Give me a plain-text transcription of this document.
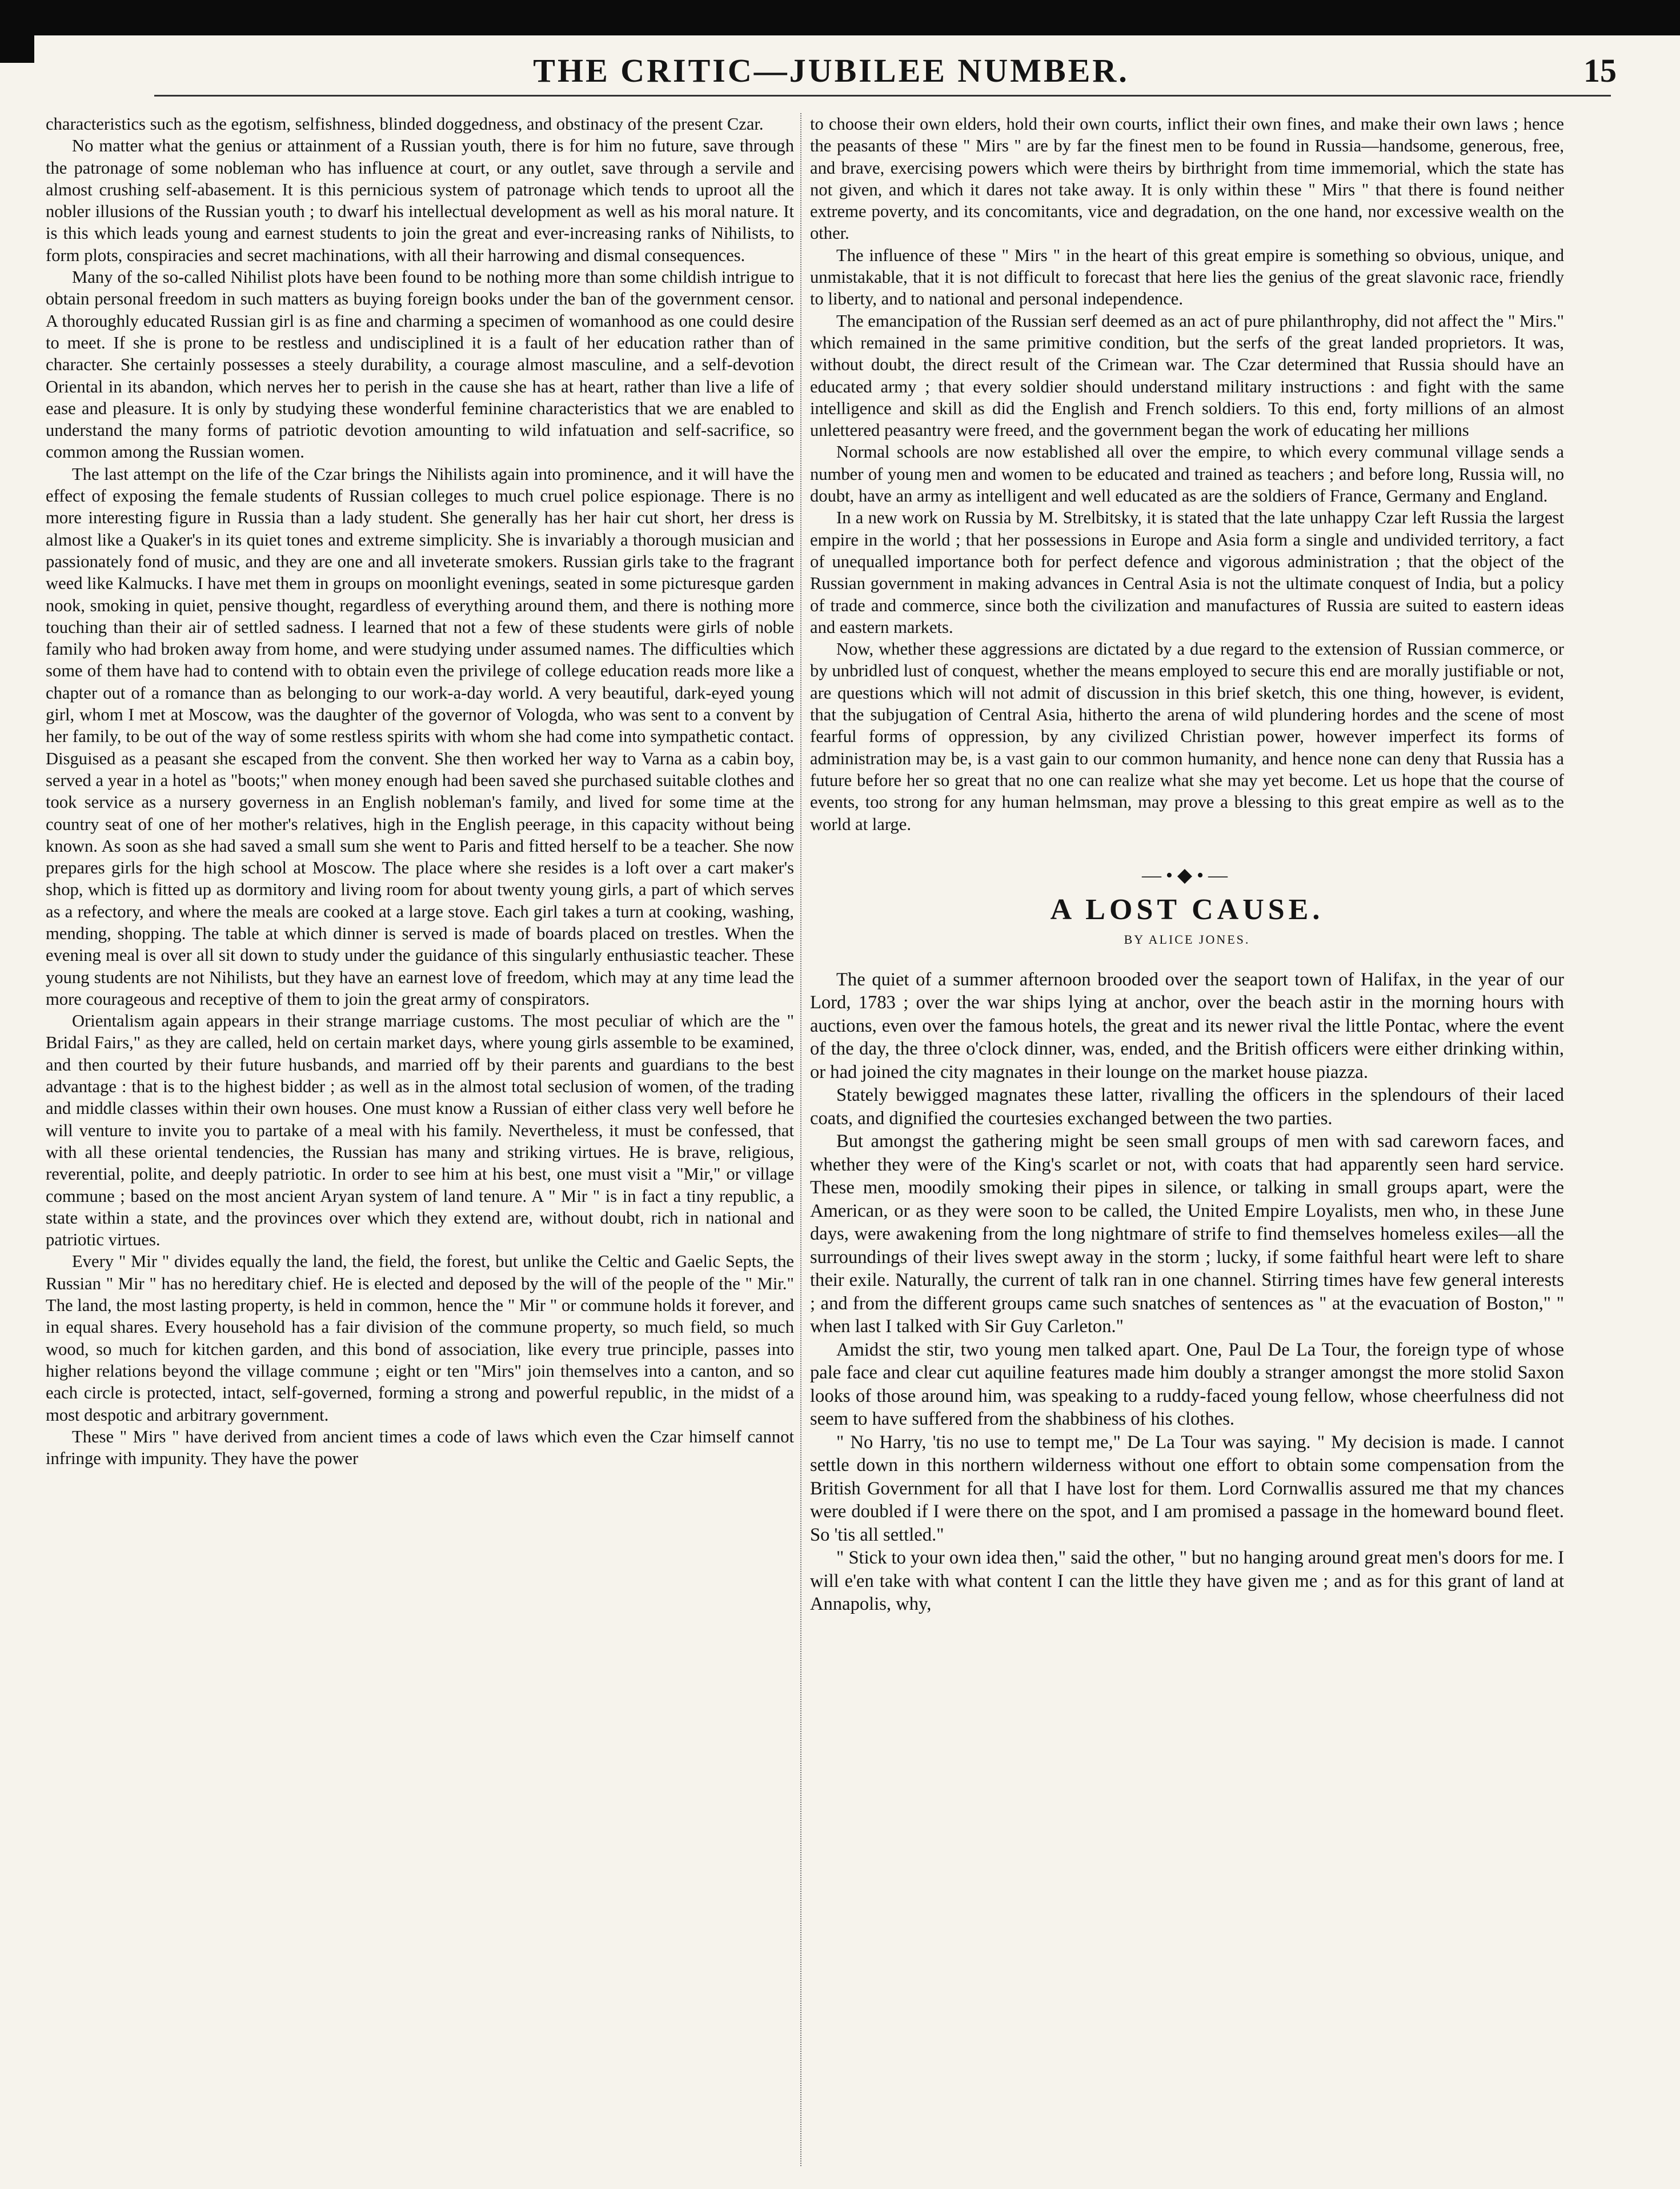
THE CRITIC—JUBILEE NUMBER.	15

characteristics such as the egotism, selfishness, blinded doggedness, and obstinacy of the present Czar.

No matter what the genius or attainment of a Russian youth, there is for him no future, save through the patronage of some nobleman who has influence at court, or any outlet, save through a servile and almost crushing self-abasement. It is this pernicious system of patronage which tends to uproot all the nobler illusions of the Russian youth ; to dwarf his intellectual development as well as his moral nature. It is this which leads young and earnest students to join the great and ever-increasing ranks of Nihilists, to form plots, conspiracies and secret machinations, with all their harrowing and dismal consequences.

Many of the so-called Nihilist plots have been found to be nothing more than some childish intrigue to obtain personal freedom in such matters as buying foreign books under the ban of the government censor. A thoroughly educated Russian girl is as fine and charming a specimen of womanhood as one could desire to meet. If she is prone to be restless and undisciplined it is a fault of her education rather than of character. She certainly possesses a steely durability, a courage almost masculine, and a self-devotion Oriental in its abandon, which nerves her to perish in the cause she has at heart, rather than live a life of ease and pleasure. It is only by studying these wonderful feminine characteristics that we are enabled to understand the many forms of patriotic devotion amounting to wild infatuation and self-sacrifice, so common among the Russian women.

The last attempt on the life of the Czar brings the Nihilists again into prominence, and it will have the effect of exposing the female students of Russian colleges to much cruel police espionage. There is no more interesting figure in Russia than a lady student. She generally has her hair cut short, her dress is almost like a Quaker's in its quiet tones and extreme simplicity. She is invariably a thorough musician and passionately fond of music, and they are one and all inveterate smokers. Russian girls take to the fragrant weed like Kalmucks. I have met them in groups on moonlight evenings, seated in some picturesque garden nook, smoking in quiet, pensive thought, regardless of everything around them, and there is nothing more touching than their air of settled sadness. I learned that not a few of these students were girls of noble family who had broken away from home, and were studying under assumed names. The difficulties which some of them have had to contend with to obtain even the privilege of college education reads more like a chapter out of a romance than as belonging to our work-a-day world. A very beautiful, dark-eyed young girl, whom I met at Moscow, was the daughter of the governor of Vologda, who was sent to a convent by her family, to be out of the way of some restless spirits with whom she had come into sympathetic contact. Disguised as a peasant she escaped from the convent. She then worked her way to Varna as a cabin boy, served a year in a hotel as "boots;" when money enough had been saved she purchased suitable clothes and took service as a nursery governess in an English nobleman's family, and lived for some time at the country seat of one of her mother's relatives, high in the English peerage, in this capacity without being known. As soon as she had saved a small sum she went to Paris and fitted herself to be a teacher. She now prepares girls for the high school at Moscow. The place where she resides is a loft over a cart maker's shop, which is fitted up as dormitory and living room for about twenty young girls, a part of which serves as a refectory, and where the meals are cooked at a large stove. Each girl takes a turn at cooking, washing, mending, shopping. The table at which dinner is served is made of boards placed on trestles. When the evening meal is over all sit down to study under the guidance of this singularly enthusiastic teacher. These young students are not Nihilists, but they have an earnest love of freedom, which may at any time lead the more courageous and receptive of them to join the great army of conspirators.

Orientalism again appears in their strange marriage customs. The most peculiar of which are the " Bridal Fairs," as they are called, held on certain market days, where young girls assemble to be examined, and then courted by their future husbands, and married off by their parents and guardians to the best advantage : that is to the highest bidder ; as well as in the almost total seclusion of women, of the trading and middle classes within their own houses. One must know a Russian of either class very well before he will venture to invite you to partake of a meal with his family. Nevertheless, it must be confessed, that with all these oriental tendencies, the Russian has many and striking virtues. He is brave, religious, reverential, polite, and deeply patriotic. In order to see him at his best, one must visit a "Mir," or village commune ; based on the most ancient Aryan system of land tenure. A " Mir " is in fact a tiny republic, a state within a state, and the provinces over which they extend are, without doubt, rich in national and patriotic virtues.

Every " Mir " divides equally the land, the field, the forest, but unlike the Celtic and Gaelic Septs, the Russian " Mir " has no hereditary chief. He is elected and deposed by the will of the people of the " Mir." The land, the most lasting property, is held in common, hence the " Mir " or commune holds it forever, and in equal shares. Every household has a fair division of the commune property, so much field, so much wood, so much for kitchen garden, and this bond of association, like every true principle, passes into higher relations beyond the village commune ; eight or ten "Mirs" join themselves into a canton, and so each circle is protected, intact, self-governed, forming a strong and powerful republic, in the midst of a most despotic and arbitrary government.

These " Mirs " have derived from ancient times a code of laws which even the Czar himself cannot infringe with impunity. They have the power

to choose their own elders, hold their own courts, inflict their own fines, and make their own laws ; hence the peasants of these " Mirs " are by far the finest men to be found in Russia—handsome, generous, free, and brave, exercising powers which were theirs by birthright from time immemorial, which the state has not given, and which it dares not take away. It is only within these " Mirs " that there is found neither extreme poverty, and its concomitants, vice and degradation, on the one hand, nor excessive wealth on the other.

The influence of these " Mirs " in the heart of this great empire is something so obvious, unique, and unmistakable, that it is not difficult to forecast that here lies the genius of the great slavonic race, friendly to liberty, and to national and personal independence.

The emancipation of the Russian serf deemed as an act of pure philanthrophy, did not affect the " Mirs." which remained in the same primitive condition, but the serfs of the great landed proprietors. It was, without doubt, the direct result of the Crimean war. The Czar determined that Russia should have an educated army ; that every soldier should understand military instructions : and fight with the same intelligence and skill as did the English and French soldiers. To this end, forty millions of an almost unlettered peasantry were freed, and the government began the work of educating her millions

Normal schools are now established all over the empire, to which every communal village sends a number of young men and women to be educated and trained as teachers ; and before long, Russia will, no doubt, have an army as intelligent and well educated as are the soldiers of France, Germany and England.

In a new work on Russia by M. Strelbitsky, it is stated that the late unhappy Czar left Russia the largest empire in the world ; that her possessions in Europe and Asia form a single and undivided territory, a fact of unequalled importance both for perfect defence and vigorous administration ; that the object of the Russian government in making advances in Central Asia is not the ultimate conquest of India, but a policy of trade and commerce, since both the civilization and manufactures of Russia are suited to eastern ideas and eastern markets.

Now, whether these aggressions are dictated by a due regard to the extension of Russian commerce, or by unbridled lust of conquest, whether the means employed to secure this end are morally justifiable or not, are questions which will not admit of discussion in this brief sketch, this one thing, however, is evident, that the subjugation of Central Asia, hitherto the arena of wild plundering hordes and the scene of most fearful forms of oppression, by any civilized Christian power, however imperfect its forms of administration may be, is a vast gain to our common humanity, and hence none can deny that Russia has a future before her so great that no one can realize what she may yet become. Let us hope that the course of events, too strong for any human helmsman, may prove a blessing to this great empire as well as to the world at large.

—•◆•—
A LOST CAUSE.
BY ALICE JONES.

The quiet of a summer afternoon brooded over the seaport town of Halifax, in the year of our Lord, 1783 ; over the war ships lying at anchor, over the beach astir in the morning hours with auctions, even over the famous hotels, the great and its newer rival the little Pontac, where the event of the day, the three o'clock dinner, was, ended, and the British officers were either drinking within, or had joined the city magnates in their lounge on the market house piazza.

Stately bewigged magnates these latter, rivalling the officers in the splendours of their laced coats, and dignified the courtesies exchanged between the two parties.

But amongst the gathering might be seen small groups of men with sad careworn faces, and whether they were of the King's scarlet or not, with coats that had apparently seen hard service. These men, moodily smoking their pipes in silence, or talking in small groups apart, were the American, or as they were soon to be called, the United Empire Loyalists, men who, in these June days, were awakening from the long nightmare of strife to find themselves homeless exiles—all the surroundings of their lives swept away in the storm ; lucky, if some faithful heart were left to share their exile. Naturally, the current of talk ran in one channel. Stirring times have few general interests ; and from the different groups came such snatches of sentences as " at the evacuation of Boston," " when last I talked with Sir Guy Carleton."

Amidst the stir, two young men talked apart. One, Paul De La Tour, the foreign type of whose pale face and clear cut aquiline features made him doubly a stranger amongst the more stolid Saxon looks of those around him, was speaking to a ruddy-faced young fellow, whose cheerfulness did not seem to have suffered from the shabbiness of his clothes.

" No Harry, 'tis no use to tempt me," De La Tour was saying. " My decision is made. I cannot settle down in this northern wilderness without one effort to obtain some compensation from the British Government for all that I have lost for them. Lord Cornwallis assured me that my chances were doubled if I were there on the spot, and I am promised a passage in the homeward bound fleet. So 'tis all settled."

" Stick to your own idea then," said the other, " but no hanging around great men's doors for me. I will e'en take with what content I can the little they have given me ; and as for this grant of land at Annapolis, why,
